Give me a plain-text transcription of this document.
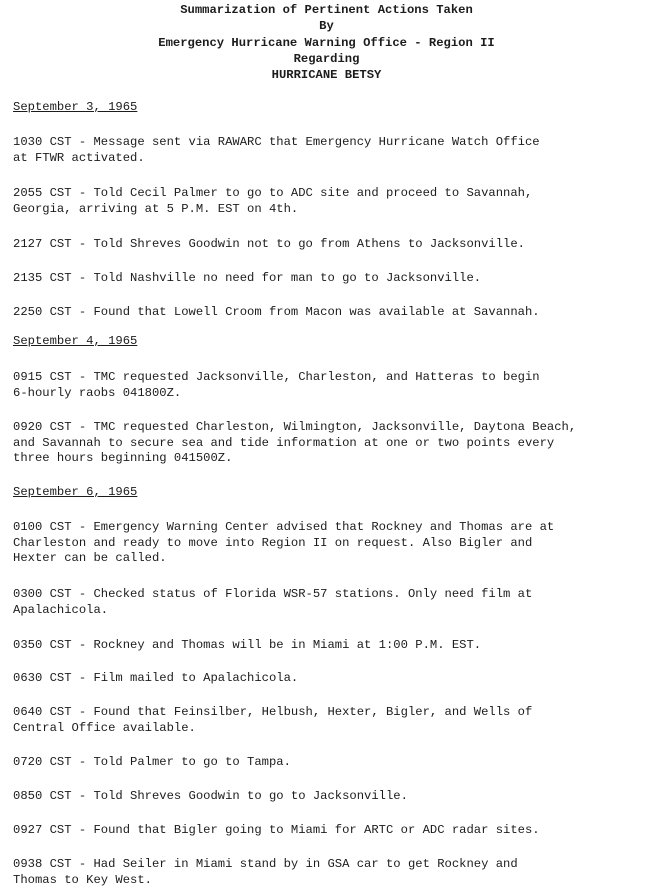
Summarization of Pertinent Actions Taken
By
Emergency Hurricane Warning Office - Region II
Regarding
HURRICANE BETSY
September 3, 1965
1030 CST - Message sent via RAWARC that Emergency Hurricane Watch Office
at FTWR activated.
2055 CST - Told Cecil Palmer to go to ADC site and proceed to Savannah,
Georgia, arriving at 5 P.M. EST on 4th.
2127 CST - Told Shreves Goodwin not to go from Athens to Jacksonville.
2135 CST - Told Nashville no need for man to go to Jacksonville.
2250 CST - Found that Lowell Croom from Macon was available at Savannah.
September 4, 1965
0915 CST - TMC requested Jacksonville, Charleston, and Hatteras to begin
6-hourly raobs 041800Z.
0920 CST - TMC requested Charleston, Wilmington, Jacksonville, Daytona Beach,
and Savannah to secure sea and tide information at one or two points every
three hours beginning 041500Z.
September 6, 1965
0100 CST - Emergency Warning Center advised that Rockney and Thomas are at
Charleston and ready to move into Region II on request. Also Bigler and
Hexter can be called.
0300 CST - Checked status of Florida WSR-57 stations. Only need film at
Apalachicola.
0350 CST - Rockney and Thomas will be in Miami at 1:00 P.M. EST.
0630 CST - Film mailed to Apalachicola.
0640 CST - Found that Feinsilber, Helbush, Hexter, Bigler, and Wells of
Central Office available.
0720 CST - Told Palmer to go to Tampa.
0850 CST - Told Shreves Goodwin to go to Jacksonville.
0927 CST - Found that Bigler going to Miami for ARTC or ADC radar sites.
0938 CST - Had Seiler in Miami stand by in GSA car to get Rockney and
Thomas to Key West.
